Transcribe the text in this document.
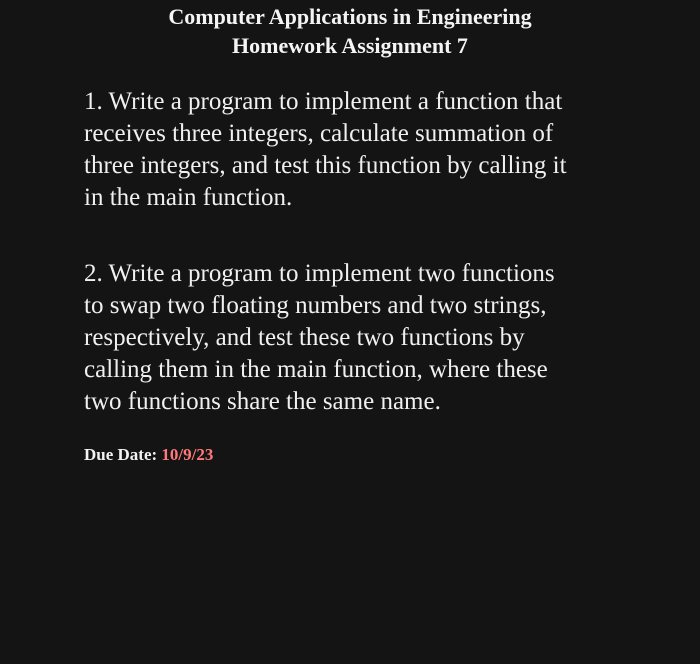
Computer Applications in Engineering
Homework Assignment 7
1. Write a program to implement a function that
receives three integers, calculate summation of
three integers, and test this function by calling it
in the main function.
2. Write a program to implement two functions
to swap two floating numbers and two strings,
respectively, and test these two functions by
calling them in the main function, where these
two functions share the same name.
Due Date: 10/9/23
